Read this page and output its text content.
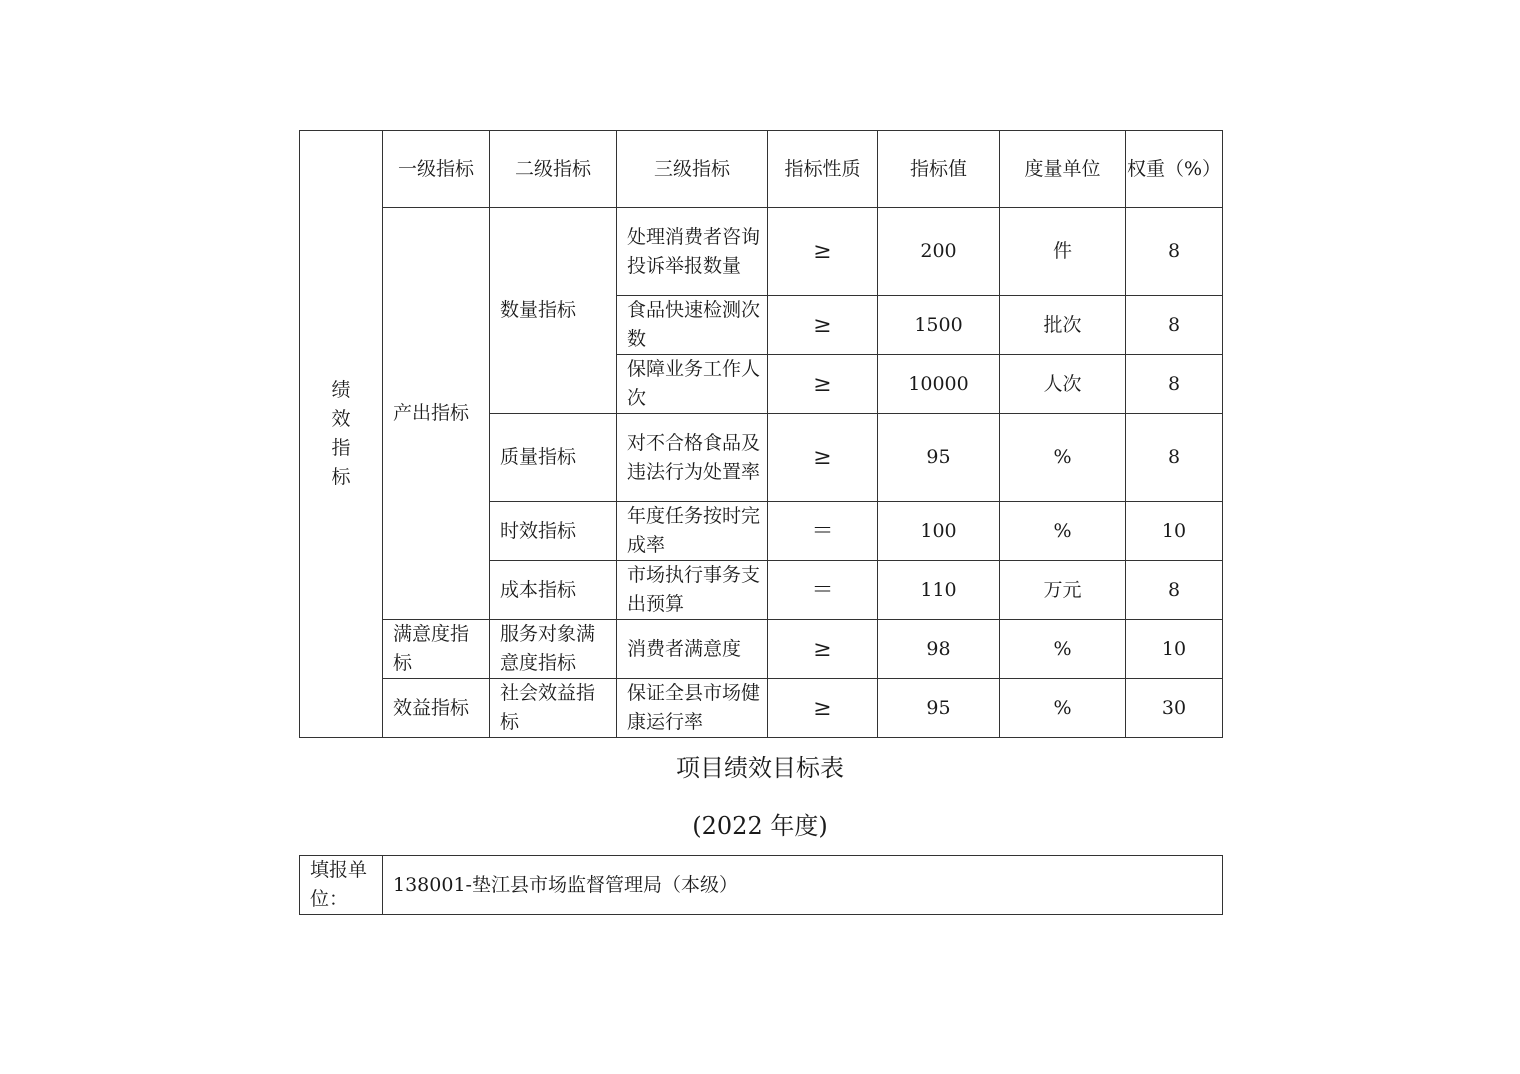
绩效指标	一级指标	二级指标	三级指标	指标性质	指标值	度量单位	权重（%）
	产出指标	数量指标	处理消费者咨询投诉举报数量	≥	200	件	8
			食品快速检测次数	≥	1500	批次	8
			保障业务工作人次	≥	10000	人次	8
		质量指标	对不合格食品及违法行为处置率	≥	95	%	8
		时效指标	年度任务按时完成率	＝	100	%	10
		成本指标	市场执行事务支出预算	＝	110	万元	8
	满意度指标	服务对象满意度指标	消费者满意度	≥	98	%	10
	效益指标	社会效益指标	保证全县市场健康运行率	≥	95	%	30
项目绩效目标表
(2022 年度)
填报单位：	138001-垫江县市场监督管理局（本级）
